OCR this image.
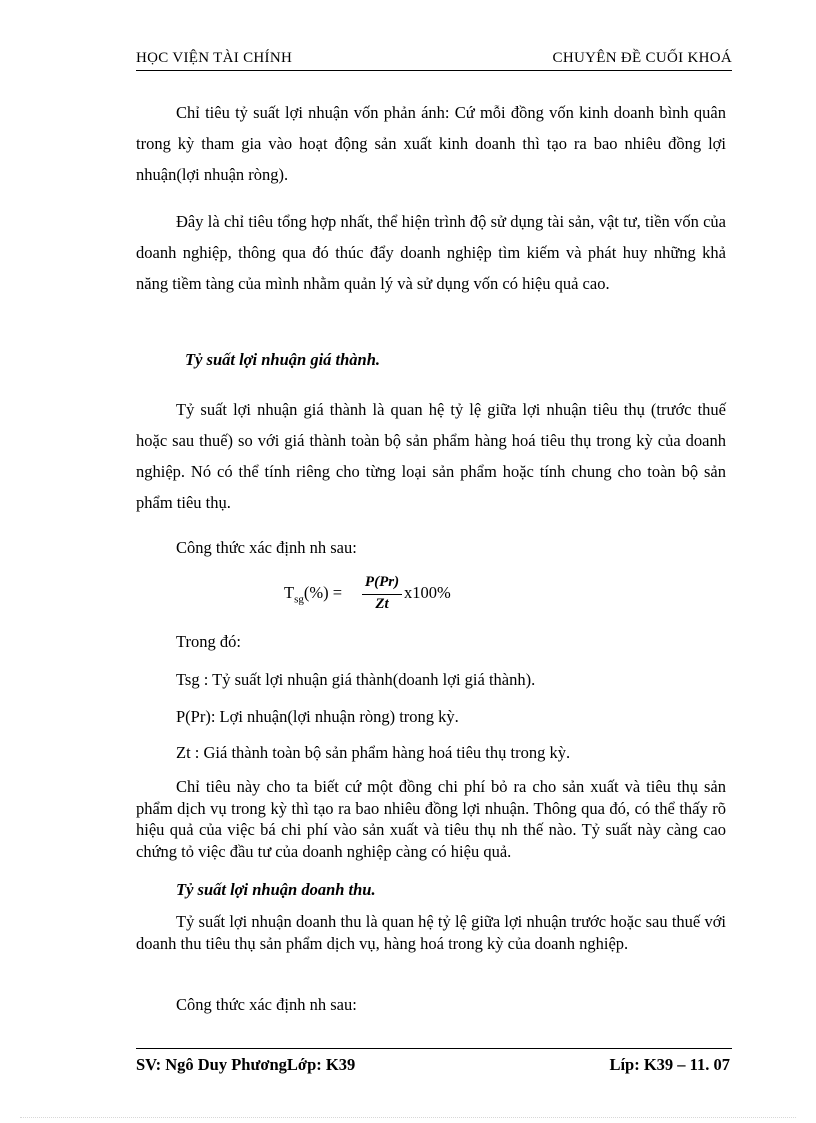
HỌC VIỆN TÀI CHÍNH	CHUYÊN ĐỀ CUỐI KHOÁ
Chỉ tiêu tỷ suất lợi nhuận vốn phản ánh: Cứ mỗi đồng vốn kinh doanh bình quân trong kỳ tham gia vào hoạt động sản xuất kinh doanh thì tạo ra bao nhiêu đồng lợi nhuận(lợi nhuận ròng).
Đây là chỉ tiêu tổng hợp nhất, thể hiện trình độ sử dụng tài sản, vật tư, tiền vốn của doanh nghiệp, thông qua đó thúc đẩy doanh nghiệp tìm kiếm và phát huy những khả năng tiềm tàng của mình nhằm quản lý và sử dụng vốn có hiệu quả cao.
Tỷ suất lợi nhuận giá thành.
Tỷ suất lợi nhuận giá thành là quan hệ tỷ lệ giữa lợi nhuận tiêu thụ (trước thuế hoặc sau thuế) so với giá thành toàn bộ sản phẩm hàng hoá tiêu thụ trong kỳ của doanh nghiệp. Nó có thể tính riêng cho từng loại sản phẩm hoặc tính chung cho toàn bộ sản phẩm tiêu thụ.
Công thức xác định nh sau:
$T_{sg}(\%)$ =
P(Pr)
Zt
x100%
Trong đó:
Tsg : Tỷ suất lợi nhuận giá thành(doanh lợi giá thành).
P(Pr): Lợi nhuận(lợi nhuận ròng) trong kỳ.
Zt : Giá thành toàn bộ sản phẩm hàng hoá tiêu thụ trong kỳ.
Chỉ tiêu này cho ta biết cứ một đồng chi phí bỏ ra cho sản xuất và tiêu thụ sản phẩm dịch vụ trong kỳ thì tạo ra bao nhiêu đồng lợi nhuận. Thông qua đó, có thể thấy rõ hiệu quả của việc bá chi phí vào sản xuất và tiêu thụ nh thế nào. Tỷ suất này càng cao chứng tỏ việc đầu tư của doanh nghiệp càng có hiệu quả.
Tỷ suất lợi nhuận doanh thu.
Tỷ suất lợi nhuận doanh thu là quan hệ tỷ lệ giữa lợi nhuận trước hoặc sau thuế với doanh thu tiêu thụ sản phẩm dịch vụ, hàng hoá trong kỳ của doanh nghiệp.
Công thức xác định nh sau:
SV: Ngô Duy PhươngLớp: K39	Líp: K39 – 11. 07
